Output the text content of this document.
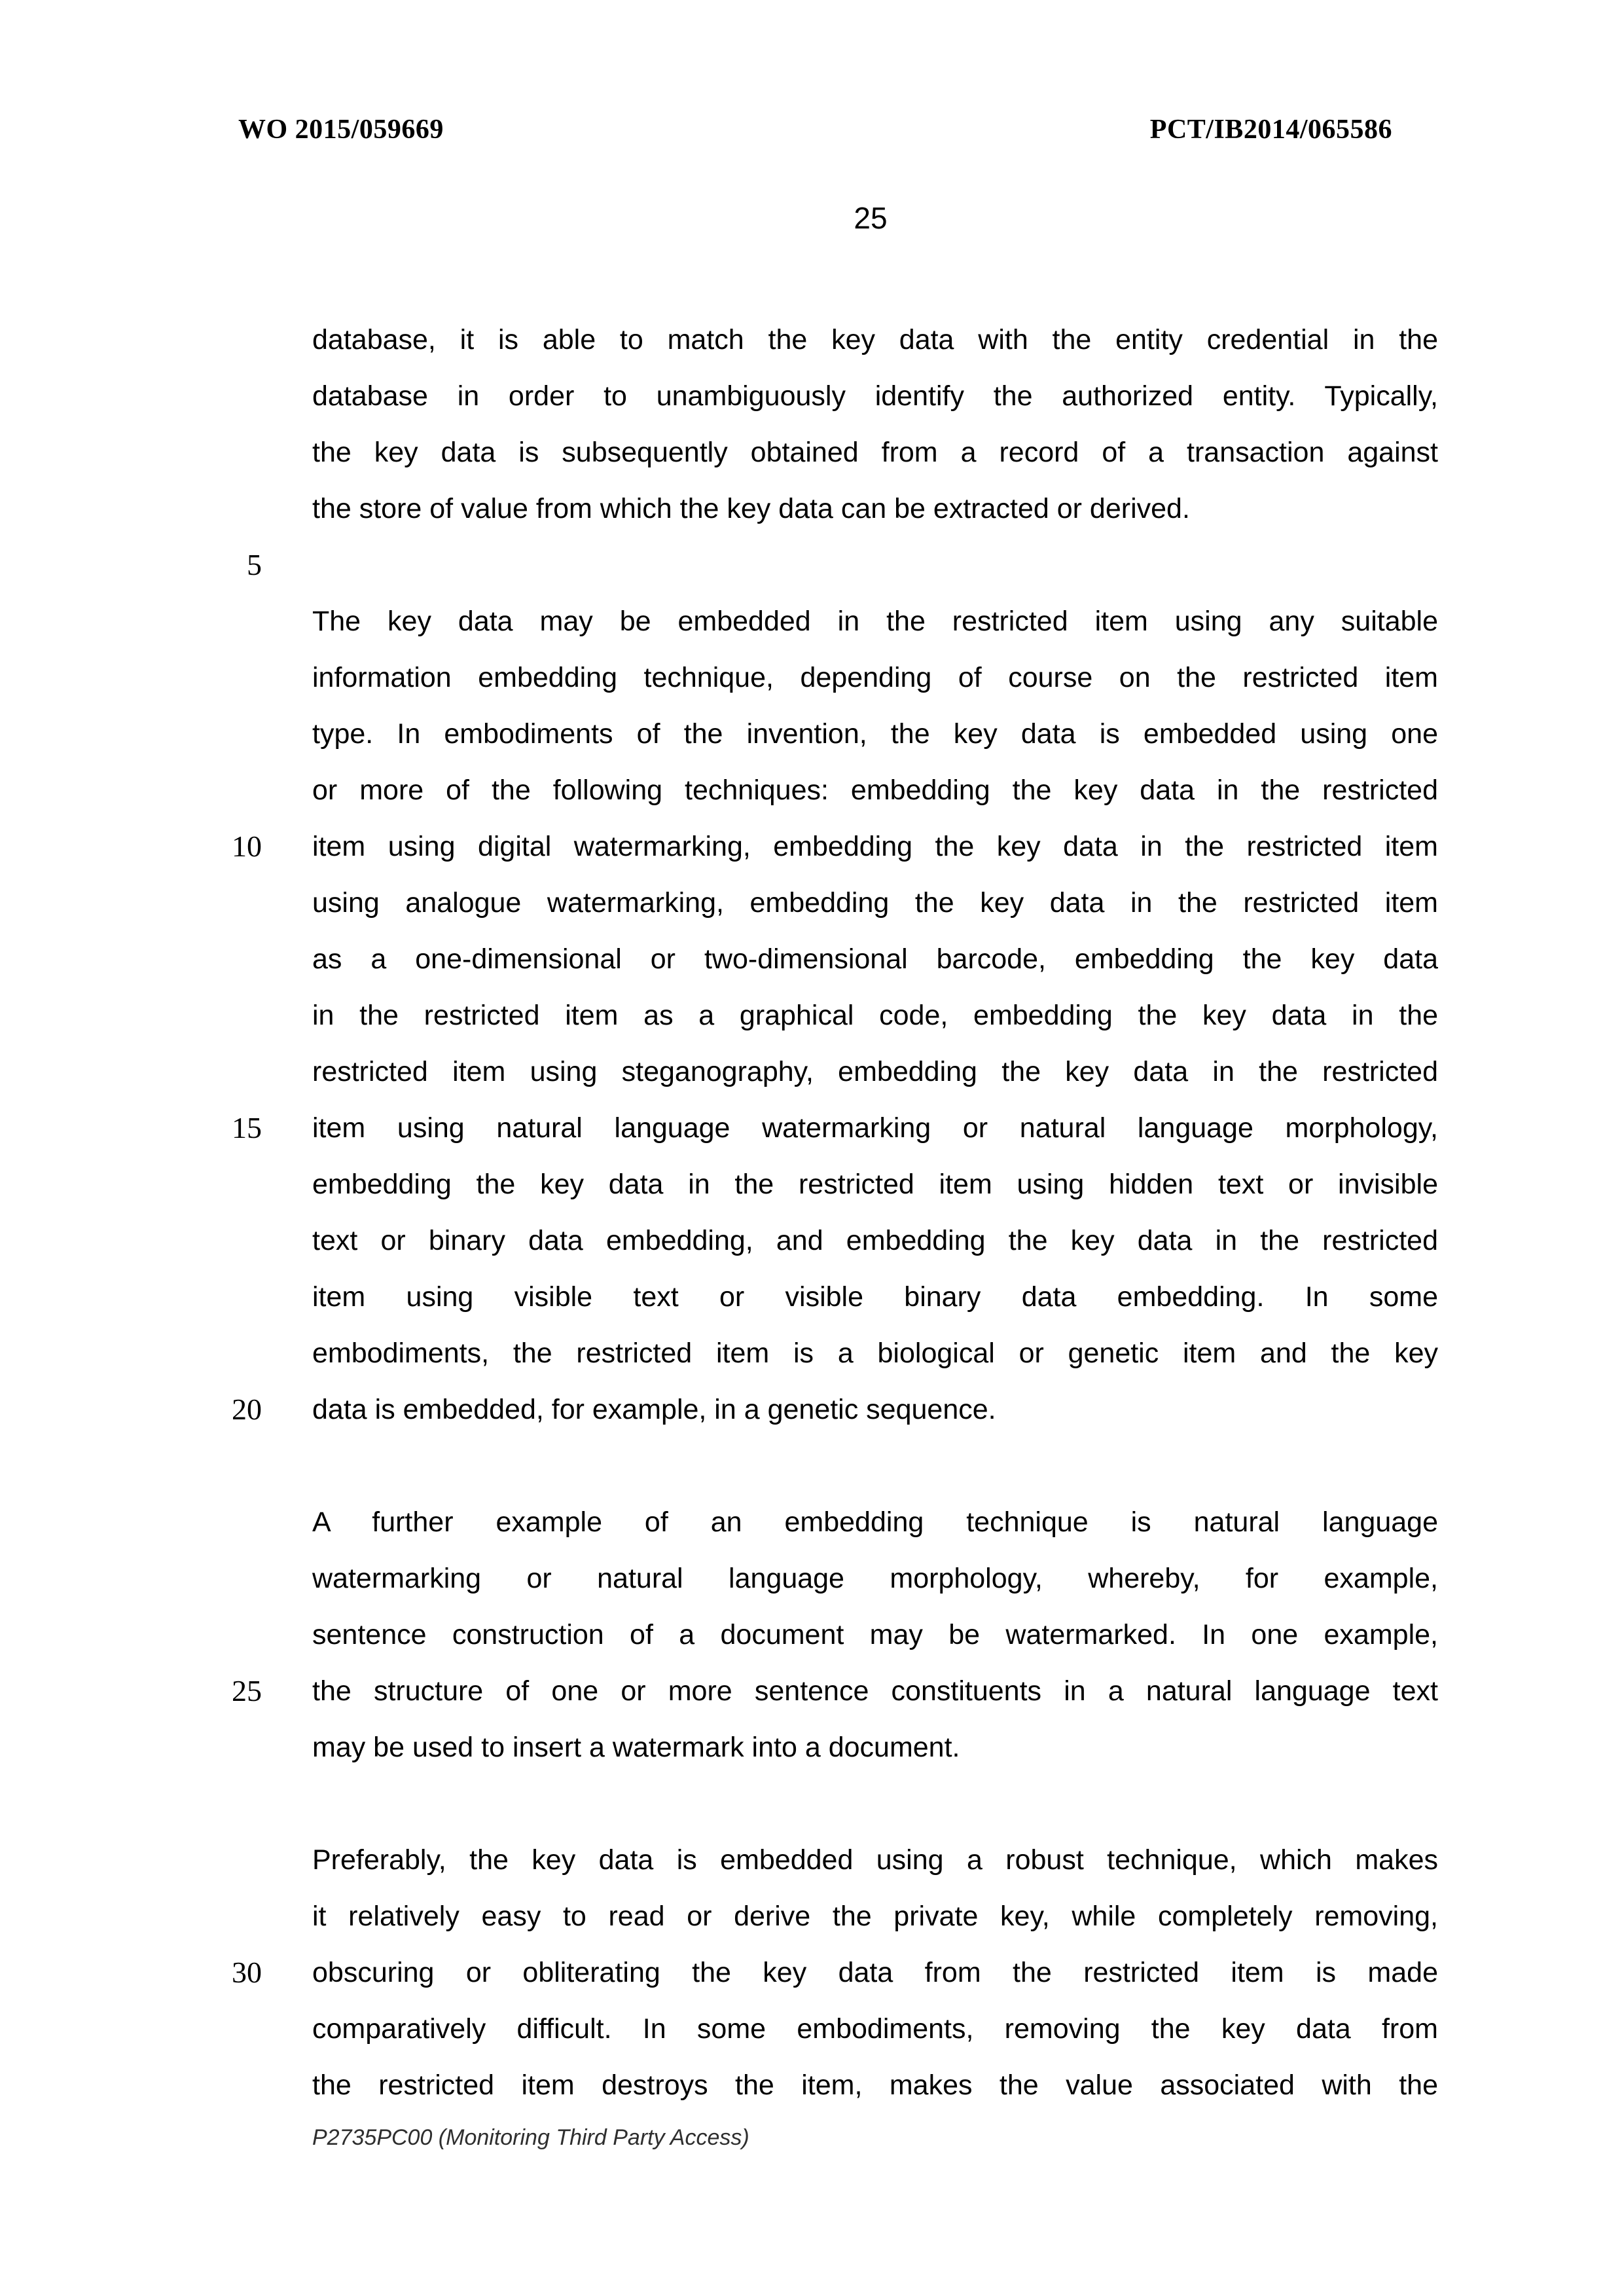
WO 2015/059669	PCT/IB2014/065586
25
5
10
15
20
25
30
database, it is able to match the key data with the entity credential in the
database in order to unambiguously identify the authorized entity. Typically,
the key data is subsequently obtained from a record of a transaction against
the store of value from which the key data can be extracted or derived.
The key data may be embedded in the restricted item using any suitable
information embedding technique, depending of course on the restricted item
type. In embodiments of the invention, the key data is embedded using one
or more of the following techniques: embedding the key data in the restricted
item using digital watermarking, embedding the key data in the restricted item
using analogue watermarking, embedding the key data in the restricted item
as a one-dimensional or two-dimensional barcode, embedding the key data
in the restricted item as a graphical code, embedding the key data in the
restricted item using steganography, embedding the key data in the restricted
item using natural language watermarking or natural language morphology,
embedding the key data in the restricted item using hidden text or invisible
text or binary data embedding, and embedding the key data in the restricted
item using visible text or visible binary data embedding. In some
embodiments, the restricted item is a biological or genetic item and the key
data is embedded, for example, in a genetic sequence.
A further example of an embedding technique is natural language
watermarking or natural language morphology, whereby, for example,
sentence construction of a document may be watermarked. In one example,
the structure of one or more sentence constituents in a natural language text
may be used to insert a watermark into a document.
Preferably, the key data is embedded using a robust technique, which makes
it relatively easy to read or derive the private key, while completely removing,
obscuring or obliterating the key data from the restricted item is made
comparatively difficult. In some embodiments, removing the key data from
the restricted item destroys the item, makes the value associated with the
P2735PC00 (Monitoring Third Party Access)
